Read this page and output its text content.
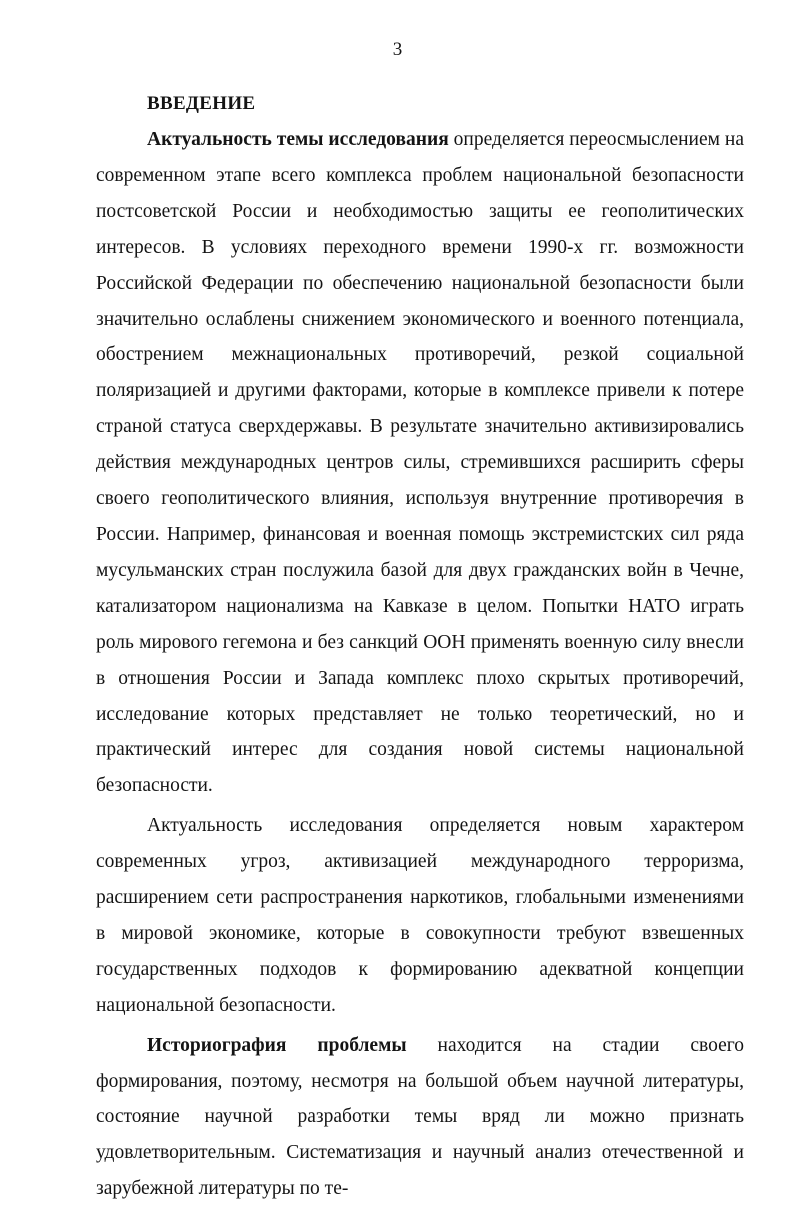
3
ВВЕДЕНИЕ

Актуальность темы исследования определяется переосмыслением на современном этапе всего комплекса проблем национальной безопасности постсоветской России и необходимостью защиты ее геополитических интересов. В условиях переходного времени 1990-х гг. возможности Российской Федерации по обеспечению национальной безопасности были значительно ослаблены снижением экономического и военного потенциала, обострением межнациональных противоречий, резкой социальной поляризацией и другими факторами, которые в комплексе привели к потере страной статуса сверхдержавы. В результате значительно активизировались действия международных центров силы, стремившихся расширить сферы своего геополитического влияния, используя внутренние противоречия в России. Например, финансовая и военная помощь экстремистских сил ряда мусульманских стран послужила базой для двух гражданских войн в Чечне, катализатором национализма на Кавказе в целом. Попытки НАТО играть роль мирового гегемона и без санкций ООН применять военную силу внесли в отношения России и Запада комплекс плохо скрытых противоречий, исследование которых представляет не только теоретический, но и практический интерес для создания новой системы национальной безопасности.

Актуальность исследования определяется новым характером современных угроз, активизацией международного терроризма, расширением сети распространения наркотиков, глобальными изменениями в мировой экономике, которые в совокупности требуют взвешенных государственных подходов к формированию адекватной концепции национальной безопасности.

Историография проблемы находится на стадии своего формирования, поэтому, несмотря на большой объем научной литературы, состояние научной разработки темы вряд ли можно признать удовлетворительным. Систематизация и научный анализ отечественной и зарубежной литературы по те-
